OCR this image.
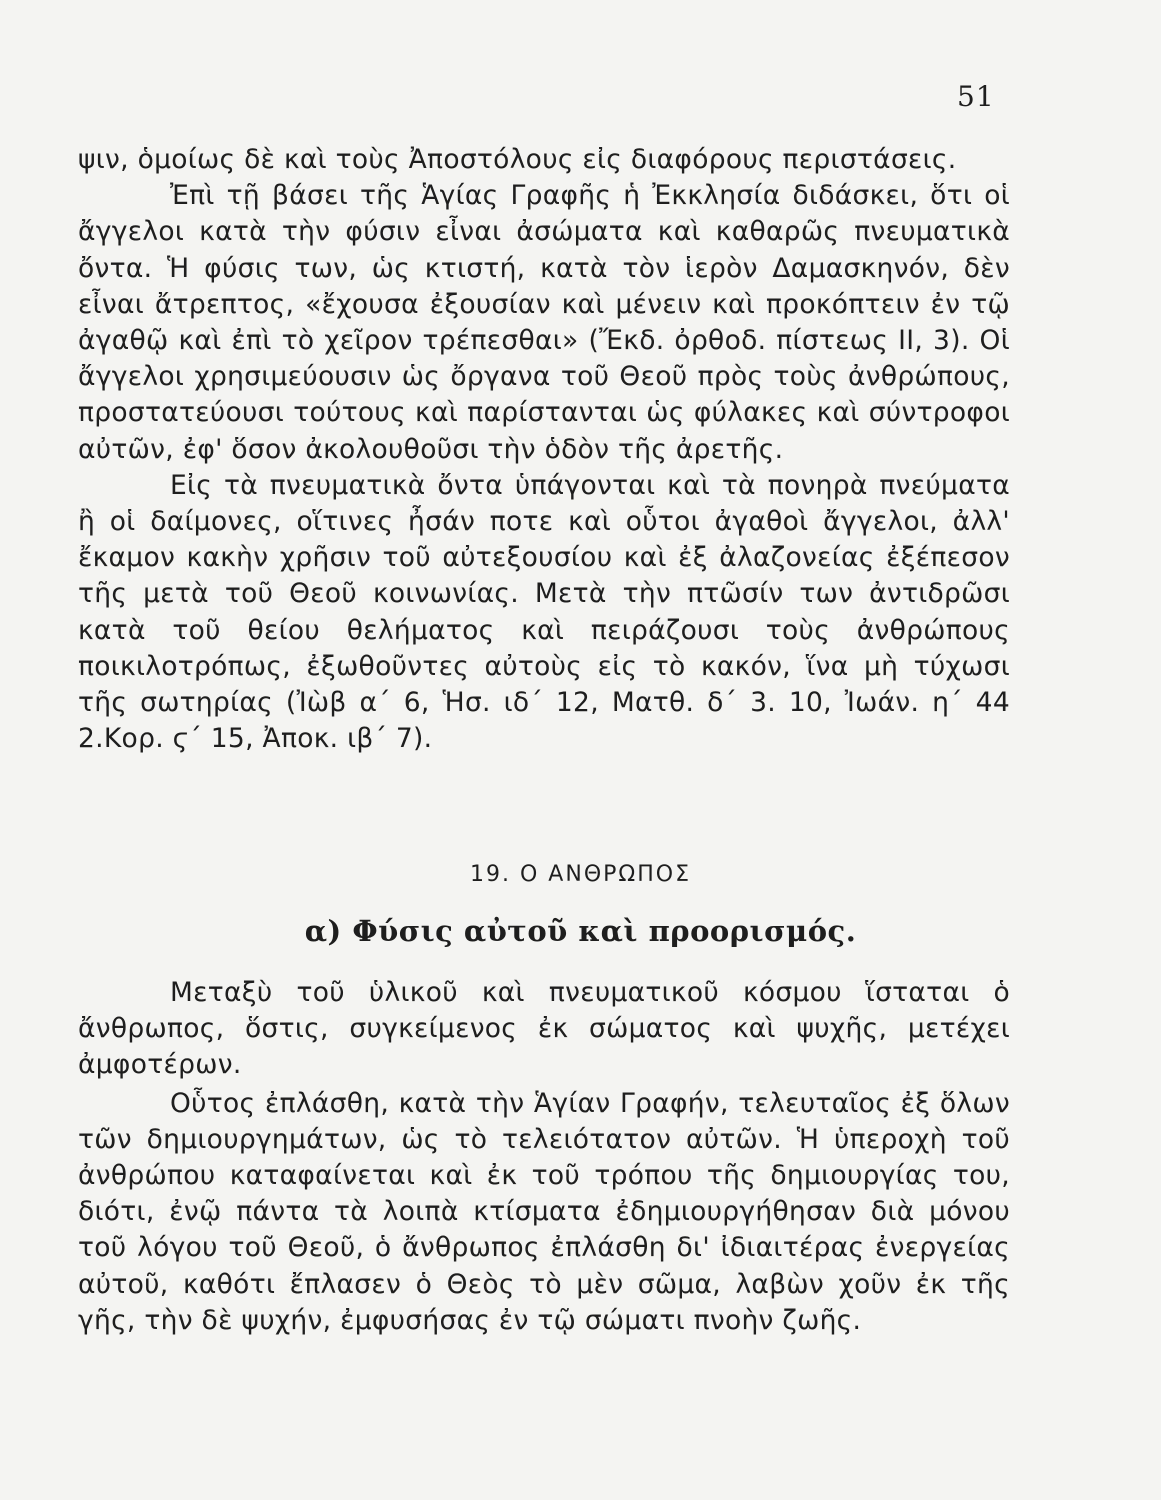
51

ψιν, ὁμοίως δὲ καὶ τοὺς Ἀποστόλους εἰς διαφόρους περιστάσεις.

Ἐπὶ τῇ βάσει τῆς Ἁγίας Γραφῆς ἡ Ἐκκλησία διδάσκει, ὅτι οἱ ἄγγελοι κατὰ τὴν φύσιν εἶναι ἀσώματα καὶ καθαρῶς πνευματικὰ ὄντα. Ἡ φύσις των, ὡς κτιστή, κατὰ τὸν ἱερὸν Δαμασκηνόν, δὲν εἶναι ἄτρεπτος, «ἔχουσα ἐξουσίαν καὶ μένειν καὶ προκόπτειν ἐν τῷ ἀγαθῷ καὶ ἐπὶ τὸ χεῖρον τρέπεσθαι» (Ἔκδ. ὀρθοδ. πίστεως ΙΙ, 3). Οἱ ἄγγελοι χρησιμεύουσιν ὡς ὄργανα τοῦ Θεοῦ πρὸς τοὺς ἀνθρώπους, προστατεύουσι τούτους καὶ παρίστανται ὡς φύλακες καὶ σύντροφοι αὐτῶν, ἐφ' ὅσον ἀκολουθοῦσι τὴν ὁδὸν τῆς ἀρετῆς.

Εἰς τὰ πνευματικὰ ὄντα ὑπάγονται καὶ τὰ πονηρὰ πνεύματα ἢ οἱ δαίμονες, οἵτινες ἦσάν ποτε καὶ οὗτοι ἀγαθοὶ ἄγγελοι, ἀλλ' ἔκαμον κακὴν χρῆσιν τοῦ αὐτεξουσίου καὶ ἐξ ἀλαζονείας ἐξέπεσον τῆς μετὰ τοῦ Θεοῦ κοινωνίας. Μετὰ τὴν πτῶσίν των ἀντιδρῶσι κατὰ τοῦ θείου θελήματος καὶ πειράζουσι τοὺς ἀνθρώπους ποικιλοτρόπως, ἐξωθοῦντες αὐτοὺς εἰς τὸ κακόν, ἵνα μὴ τύχωσι τῆς σωτηρίας (Ἰὼβ α΄ 6, Ἡσ. ιδ΄ 12, Ματθ. δ΄ 3. 10, Ἰωάν. η΄ 44 2.Κορ. ϛ΄ 15, Ἀποκ. ιβ΄ 7).

19. Ο ΑΝΘΡΩΠΟΣ
α) Φύσις αὐτοῦ καὶ προορισμός.

Μεταξὺ τοῦ ὑλικοῦ καὶ πνευματικοῦ κόσμου ἵσταται ὁ ἄνθρωπος, ὅστις, συγκείμενος ἐκ σώματος καὶ ψυχῆς, μετέχει ἀμφοτέρων.

Οὗτος ἐπλάσθη, κατὰ τὴν Ἁγίαν Γραφήν, τελευταῖος ἐξ ὅλων τῶν δημιουργημάτων, ὡς τὸ τελειότατον αὐτῶν. Ἡ ὑπεροχὴ τοῦ ἀνθρώπου καταφαίνεται καὶ ἐκ τοῦ τρόπου τῆς δημιουργίας του, διότι, ἐνῷ πάντα τὰ λοιπὰ κτίσματα ἐδημιουργήθησαν διὰ μόνου τοῦ λόγου τοῦ Θεοῦ, ὁ ἄνθρωπος ἐπλάσθη δι' ἰδιαιτέρας ἐνεργείας αὐτοῦ, καθότι ἔπλασεν ὁ Θεὸς τὸ μὲν σῶμα, λαβὼν χοῦν ἐκ τῆς γῆς, τὴν δὲ ψυχήν, ἐμφυσήσας ἐν τῷ σώματι πνοὴν ζωῆς.
